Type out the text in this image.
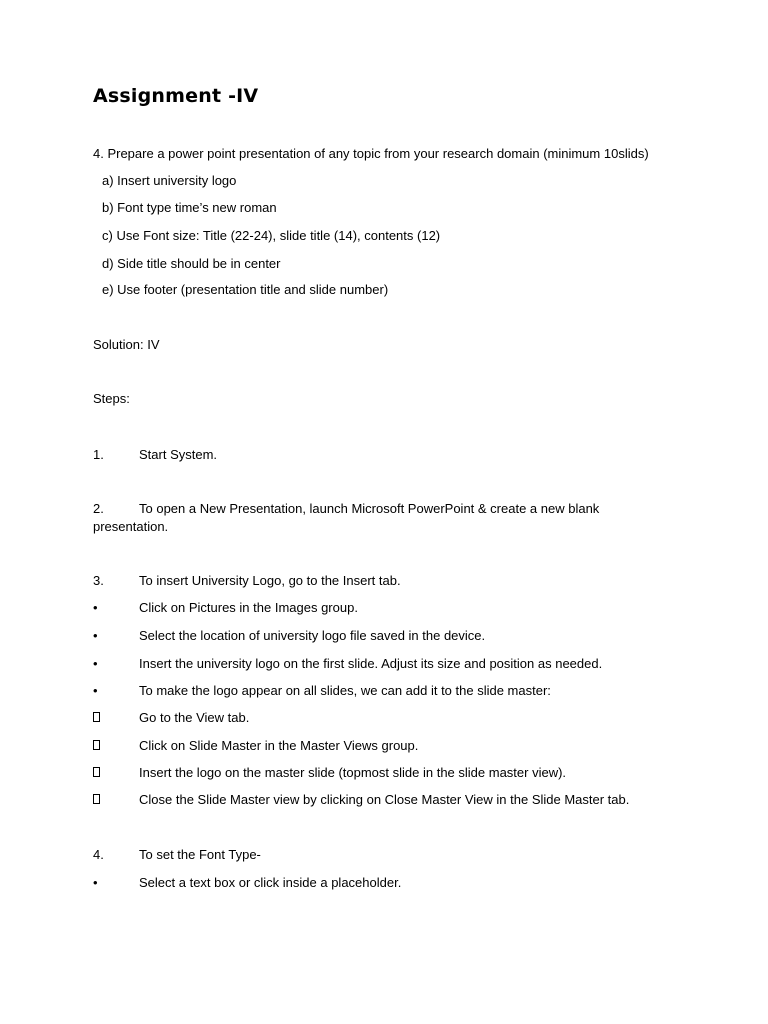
Assignment -IV
4. Prepare a power point presentation of any topic from your research domain (minimum 10slids)
a) Insert university logo
b) Font type time’s new roman
c) Use Font size: Title (22-24), slide title (14), contents (12)
d) Side title should be in center
e) Use footer (presentation title and slide number)
Solution: IV
Steps:
1.	Start System.
2.	To open a New Presentation, launch Microsoft PowerPoint & create a new blank presentation.
3.	To insert University Logo, go to the Insert tab.
•	Click on Pictures in the Images group.
•	Select the location of university logo file saved in the device.
•	Insert the university logo on the first slide. Adjust its size and position as needed.
•	To make the logo appear on all slides, we can add it to the slide master:
Go to the View tab.
Click on Slide Master in the Master Views group.
Insert the logo on the master slide (topmost slide in the slide master view).
Close the Slide Master view by clicking on Close Master View in the Slide Master tab.
4.	To set the Font Type-
•	Select a text box or click inside a placeholder.
